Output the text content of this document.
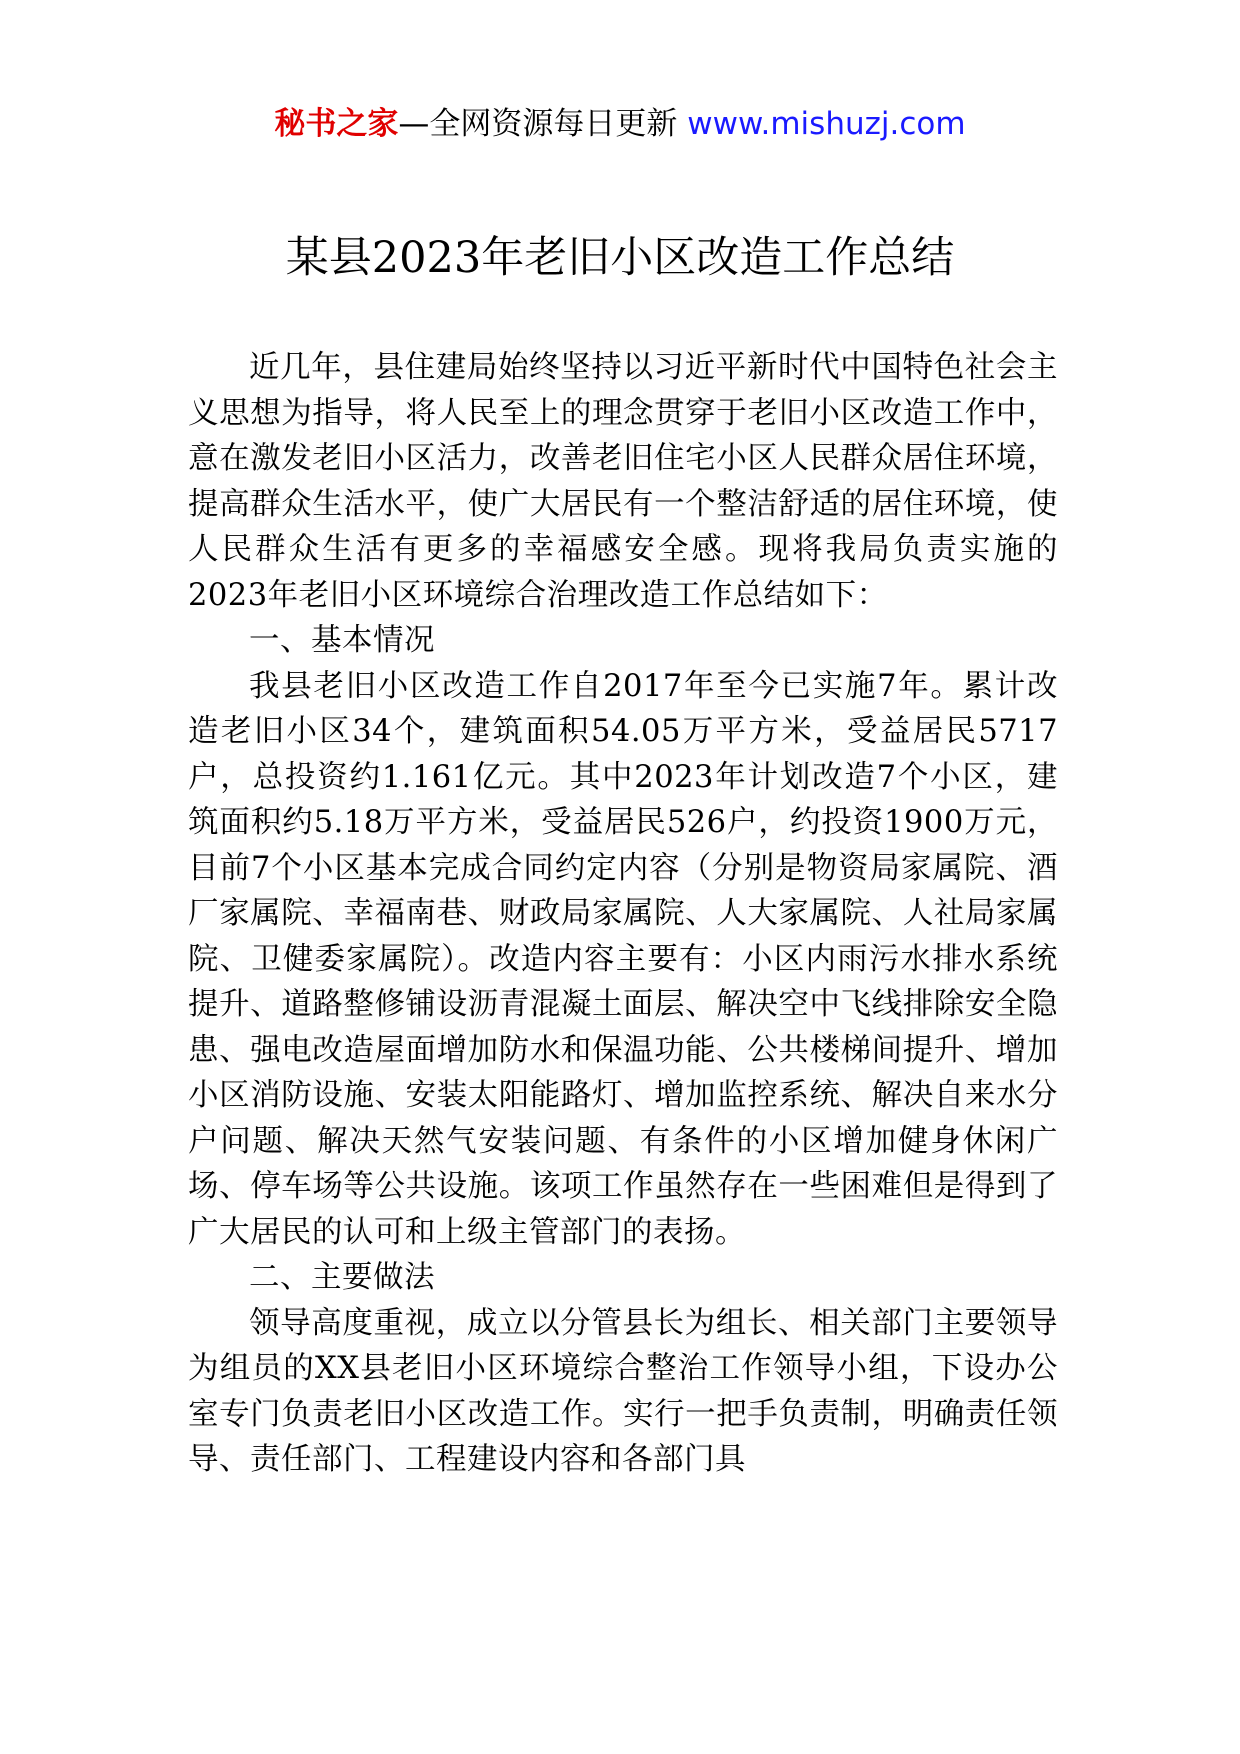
秘书之家—全网资源每日更新 www.mishuzj.com
某县2023年老旧小区改造工作总结

近几年，县住建局始终坚持以习近平新时代中国特色社会主义思想为指导，将人民至上的理念贯穿于老旧小区改造工作中，意在激发老旧小区活力，改善老旧住宅小区人民群众居住环境，提高群众生活水平，使广大居民有一个整洁舒适的居住环境，使人民群众生活有更多的幸福感安全感。现将我局负责实施的2023年老旧小区环境综合治理改造工作总结如下：

一、基本情况

我县老旧小区改造工作自2017年至今已实施7年。累计改造老旧小区34个，建筑面积54.05万平方米，受益居民5717户，总投资约1.161亿元。其中2023年计划改造7个小区，建筑面积约5.18万平方米，受益居民526户，约投资1900万元，目前7个小区基本完成合同约定内容（分别是物资局家属院、酒厂家属院、幸福南巷、财政局家属院、人大家属院、人社局家属院、卫健委家属院）。改造内容主要有：小区内雨污水排水系统提升、道路整修铺设沥青混凝土面层、解决空中飞线排除安全隐患、强电改造屋面增加防水和保温功能、公共楼梯间提升、增加小区消防设施、安装太阳能路灯、增加监控系统、解决自来水分户问题、解决天然气安装问题、有条件的小区增加健身休闲广场、停车场等公共设施。该项工作虽然存在一些困难但是得到了广大居民的认可和上级主管部门的表扬。

二、主要做法

领导高度重视，成立以分管县长为组长、相关部门主要领导为组员的XX县老旧小区环境综合整治工作领导小组，下设办公室专门负责老旧小区改造工作。实行一把手负责制，明确责任领导、责任部门、工程建设内容和各部门具
